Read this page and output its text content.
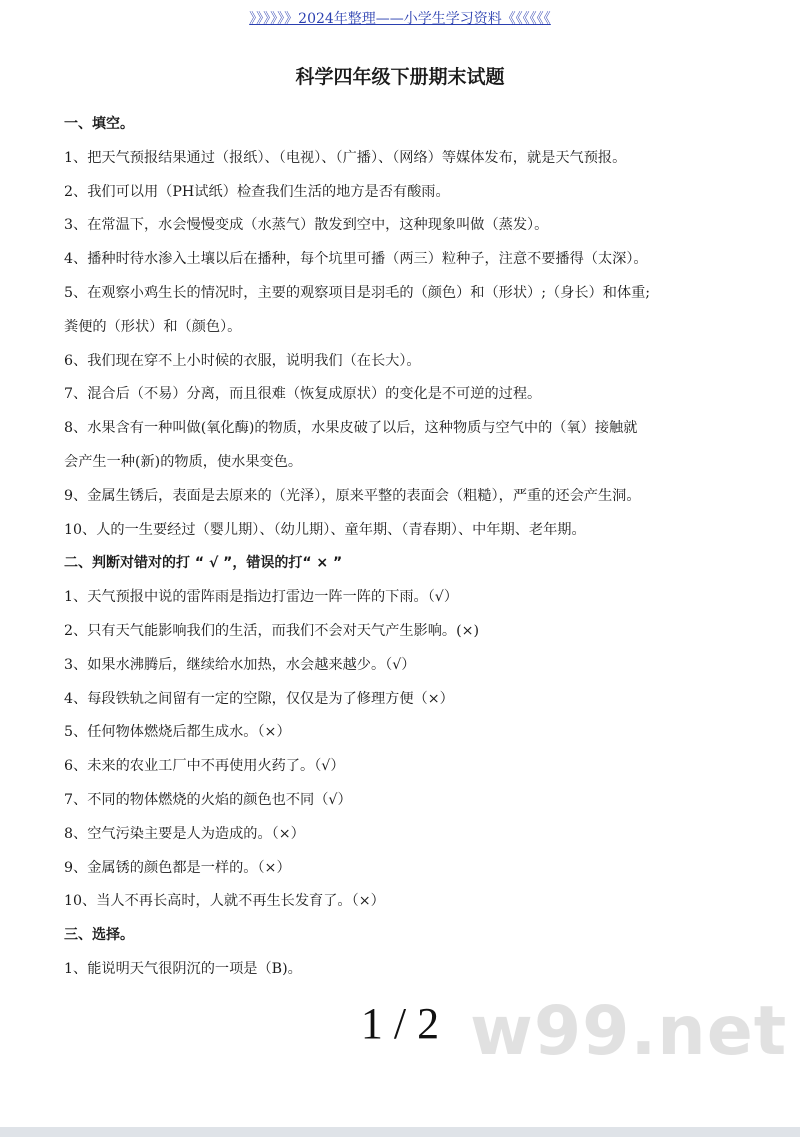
》》》》》》2024年整理——小学生学习资料《《《《《《
科学四年级下册期末试题
一、填空。
1、把天气预报结果通过（报纸）、（电视）、（广播）、（网络）等媒体发布，就是天气预报。
2、我们可以用（PH试纸）检查我们生活的地方是否有酸雨。
3、在常温下，水会慢慢变成（水蒸气）散发到空中，这种现象叫做（蒸发）。
4、播种时待水渗入土壤以后在播种，每个坑里可播（两三）粒种子，注意不要播得（太深）。
5、在观察小鸡生长的情况时，主要的观察项目是羽毛的（颜色）和（形状）;（身长）和体重;
粪便的（形状）和（颜色）。
6、我们现在穿不上小时候的衣服，说明我们（在长大）。
7、混合后（不易）分离，而且很难（恢复成原状）的变化是不可逆的过程。
8、水果含有一种叫做(氧化酶)的物质，水果皮破了以后，这种物质与空气中的（氧）接触就
会产生一种(新)的物质，使水果变色。
9、金属生锈后，表面是去原来的（光泽），原来平整的表面会（粗糙），严重的还会产生洞。
10、人的一生要经过（婴儿期）、（幼儿期）、童年期、（青春期）、中年期、老年期。
二、判断对错对的打 “ √ ”，错误的打“ × ”
1、天气预报中说的雷阵雨是指边打雷边一阵一阵的下雨。（√）
2、只有天气能影响我们的生活，而我们不会对天气产生影响。(×)
3、如果水沸腾后，继续给水加热，水会越来越少。（√）
4、每段铁轨之间留有一定的空隙，仅仅是为了修理方便（×）
5、任何物体燃烧后都生成水。（×）
6、未来的农业工厂中不再使用火药了。（√）
7、不同的物体燃烧的火焰的颜色也不同（√）
8、空气污染主要是人为造成的。（×）
9、金属锈的颜色都是一样的。（×）
10、当人不再长高时，人就不再生长发育了。（×）
三、选择。
1、能说明天气很阴沉的一项是（B)。
w99.net
1 / 2
